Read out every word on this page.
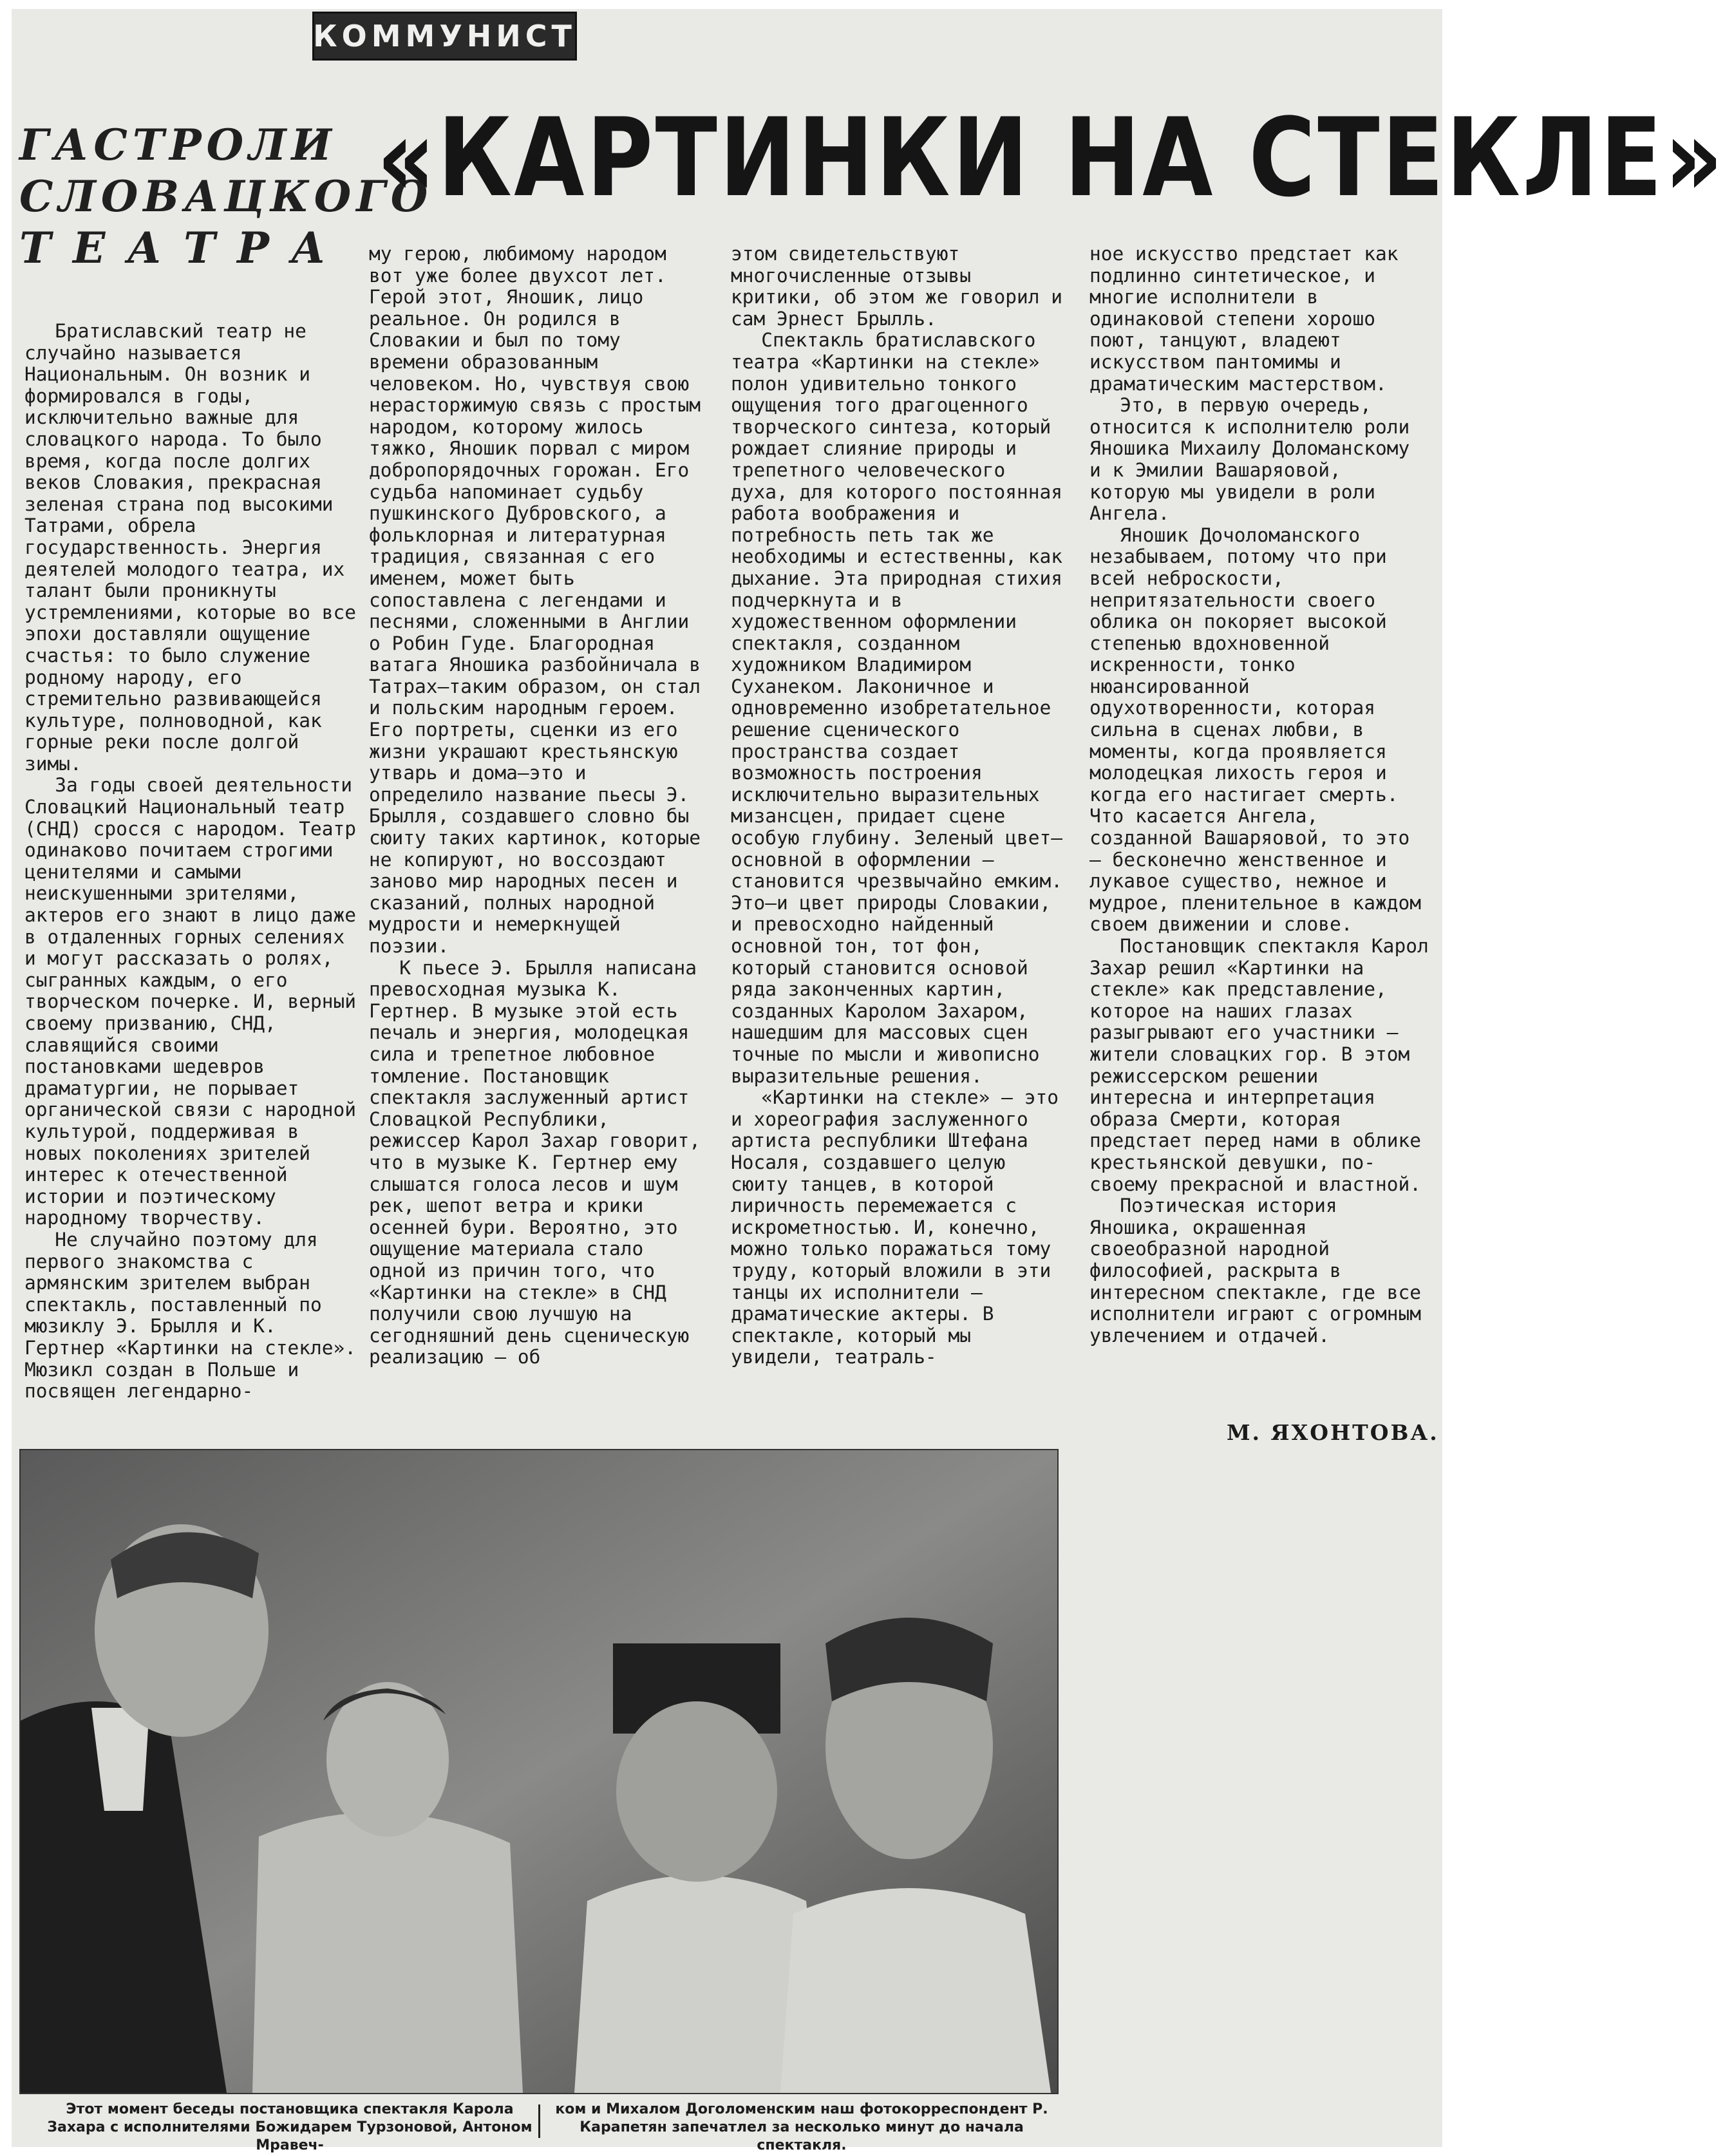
КОММУНИСТ
ГАСТРОЛИ
СЛОВАЦКОГО
ТЕАТРА
«КАРТИНКИ НА СТЕКЛЕ»

Братиславский театр не случайно называется Национальным. Он возник и формировался в годы, исключительно важные для словацкого народа. То было время, когда после долгих веков Словакия, прекрасная зеленая страна под высокими Татрами, обрела государственность. Энергия деятелей молодого театра, их талант были проникнуты устремлениями, которые во все эпохи доставляли ощущение счастья: то было служение родному народу, его стремительно развивающейся культуре, полноводной, как горные реки после долгой зимы.

За годы своей деятельности Словацкий Национальный театр (СНД) сросся с народом. Театр одинаково почитаем строгими ценителями и самыми неискушенными зрителями, актеров его знают в лицо даже в отдаленных горных селениях и могут рассказать о ролях, сыгранных каждым, о его творческом почерке. И, верный своему призванию, СНД, славящийся своими постановками шедевров драматургии, не порывает органической связи с народной культурой, поддерживая в новых поколениях зрителей интерес к отечественной истории и поэтическому народному творчеству.

Не случайно поэтому для первого знакомства с армянским зрителем выбран спектакль, поставленный по мюзиклу Э. Брылля и К. Гертнер «Картинки на стекле». Мюзикл создан в Польше и посвящен легендарно-

му герою, любимому народом вот уже более двухсот лет. Герой этот, Яношик, лицо реальное. Он родился в Словакии и был по тому времени образованным человеком. Но, чувствуя свою нерасторжимую связь с простым народом, которому жилось тяжко, Яношик порвал с миром добропорядочных горожан. Его судьба напоминает судьбу пушкинского Дубровского, а фольклорная и литературная традиция, связанная с его именем, может быть сопоставлена с легендами и песнями, сложенными в Англии о Робин Гуде. Благородная ватага Яношика разбойничала в Татрах—таким образом, он стал и польским народным героем. Его портреты, сценки из его жизни украшают крестьянскую утварь и дома—это и определило название пьесы Э. Брылля, создавшего словно бы сюиту таких картинок, которые не копируют, но воссоздают заново мир народных песен и сказаний, полных народной мудрости и немеркнущей поэзии.

К пьесе Э. Брылля написана превосходная музыка К. Гертнер. В музыке этой есть печаль и энергия, молодецкая сила и трепетное любовное томление. Постановщик спектакля заслуженный артист Словацкой Республики, режиссер Карол Захар говорит, что в музыке К. Гертнер ему слышатся голоса лесов и шум рек, шепот ветра и крики осенней бури. Вероятно, это ощущение материала стало одной из причин того, что «Картинки на стекле» в СНД получили свою лучшую на сегодняшний день сценическую реализацию — об

этом свидетельствуют многочисленные отзывы критики, об этом же говорил и сам Эрнест Брылль.

Спектакль братиславского театра «Картинки на стекле» полон удивительно тонкого ощущения того драгоценного творческого синтеза, который рождает слияние природы и трепетного человеческого духа, для которого постоянная работа воображения и потребность петь так же необходимы и естественны, как дыхание. Эта природная стихия подчеркнута и в художественном оформлении спектакля, созданном художником Владимиром Суханеком. Лаконичное и одновременно изобретательное решение сценического пространства создает возможность построения исключительно выразительных мизансцен, придает сцене особую глубину. Зеленый цвет—основной в оформлении — становится чрезвычайно емким. Это—и цвет природы Словакии, и превосходно найденный основной тон, тот фон, который становится основой ряда законченных картин, созданных Каролом Захаром, нашедшим для массовых сцен точные по мысли и живописно выразительные решения.

«Картинки на стекле» — это и хореография заслуженного артиста республики Штефана Носаля, создавшего целую сюиту танцев, в которой лиричность перемежается с искрометностью. И, конечно, можно только поражаться тому труду, который вложили в эти танцы их исполнители — драматические актеры. В спектакле, который мы увидели, театраль-

ное искусство предстает как подлинно синтетическое, и многие исполнители в одинаковой степени хорошо поют, танцуют, владеют искусством пантомимы и драматическим мастерством.

Это, в первую очередь, относится к исполнителю роли Яношика Михаилу Доломанскому и к Эмилии Вашаряовой, которую мы увидели в роли Ангела.

Яношик Дочоломанского незабываем, потому что при всей неброскости, непритязательности своего облика он покоряет высокой степенью вдохновенной искренности, тонко нюансированной одухотворенности, которая сильна в сценах любви, в моменты, когда проявляется молодецкая лихость героя и когда его настигает смерть. Что касается Ангела, созданной Вашаряовой, то это — бесконечно женственное и лукавое существо, нежное и мудрое, пленительное в каждом своем движении и слове.

Постановщик спектакля Карол Захар решил «Картинки на стекле» как представление, которое на наших глазах разыгрывают его участники — жители словацких гор. В этом режиссерском решении интересна и интерпретация образа Смерти, которая предстает перед нами в облике крестьянской девушки, по-своему прекрасной и властной.

Поэтическая история Яношика, окрашенная своеобразной народной философией, раскрыта в интересном спектакле, где все исполнители играют с огромным увлечением и отдачей.

М. ЯХОНТОВА.
Этот момент беседы постановщика спектакля Карола Захара с исполнителями Божидарем Турзоновой, Антоном Мравеч-
ком и Михалом Доголоменским наш фотокорреспондент Р. Карапетян запечатлел за несколько минут до начала спектакля.
